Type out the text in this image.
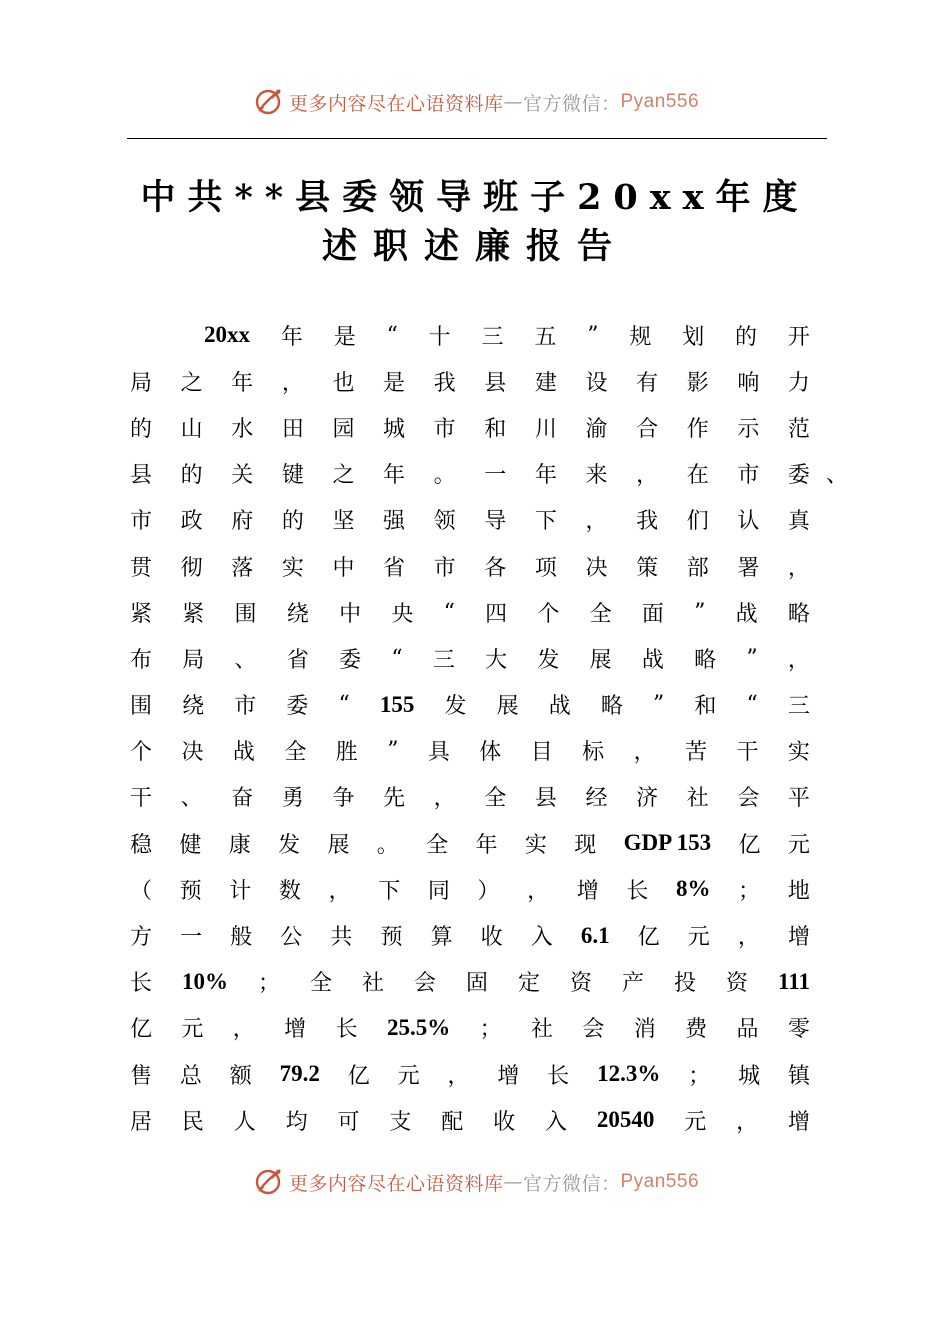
更多内容尽在心语资料库 — 官方微信： Pyan556
中共**县委领导班子20xx年度
述职述廉报告
20xx 年 是 “ 十 三 五 ” 规 划 的 开
局 之 年 ， 也 是 我 县 建 设 有 影 响 力
的 山 水 田 园 城 市 和 川 渝 合 作 示 范
县 的 关 键 之 年 。 一 年 来 ， 在 市 委 、
市 政 府 的 坚 强 领 导 下 ， 我 们 认 真
贯 彻 落 实 中 省 市 各 项 决 策 部 署 ，
紧 紧 围 绕 中 央 “ 四 个 全 面 ” 战 略
布 局 、 省 委 “ 三 大 发 展 战 略 ” ，
围 绕 市 委 “ 155 发 展 战 略 ” 和 “ 三
个 决 战 全 胜 ” 具 体 目 标 ， 苦 干 实
干 、 奋 勇 争 先 ， 全 县 经 济 社 会 平
稳 健 康 发 展 。 全 年 实 现 GDP 153 亿 元
（ 预 计 数 ， 下 同 ） ， 增 长 8% ； 地
方 一 般 公 共 预 算 收 入 6.1 亿 元 ， 增
长 10% ； 全 社 会 固 定 资 产 投 资 111
亿 元 ， 增 长 25.5% ； 社 会 消 费 品 零
售 总 额 79.2 亿 元 ， 增 长 12.3% ； 城 镇
居 民 人 均 可 支 配 收 入 20540 元 ， 增
更多内容尽在心语资料库 — 官方微信： Pyan556
